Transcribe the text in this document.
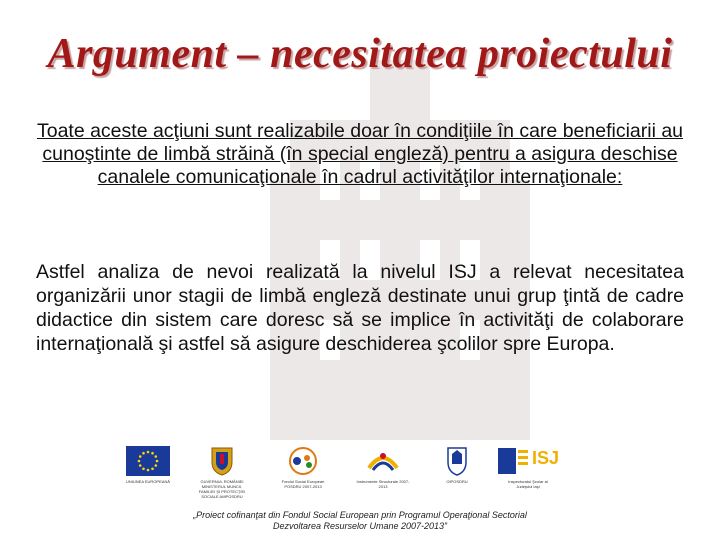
Argument – necesitatea proiectului

Toate aceste acţiuni sunt realizabile doar în condiţiile în care beneficiarii au cunoştinte de limbă străină (în special engleză) pentru a asigura deschise canalele comunicaţionale în cadrul activităţilor internaţionale:

Astfel analiza de nevoi realizată la nivelul ISJ a relevat necesitatea organizării unor stagii de limbă engleză destinate unui grup ţintă de cadre didactice din sistem care doresc să se implice în activităţi de colaborare internaţională şi astfel să asigure deschiderea şcolilor spre Europa.

UNIUNEA EUROPEANĂ	GUVERNUL ROMÂNIEI MINISTERUL MUNCII, FAMILIEI ŞI PROTECŢIEI SOCIALE AMPOSDRU
Fondul Social European POSDRU 2007-2013
Instrumente Structurale 2007-2013
OIPOSDRU
ISJ
Inspectoratul Şcolar al Judeţului Iaşi
„Proiect cofinanţat din Fondul Social European prin Programul Operaţional Sectorial
Dezvoltarea Resurselor Umane 2007-2013”
